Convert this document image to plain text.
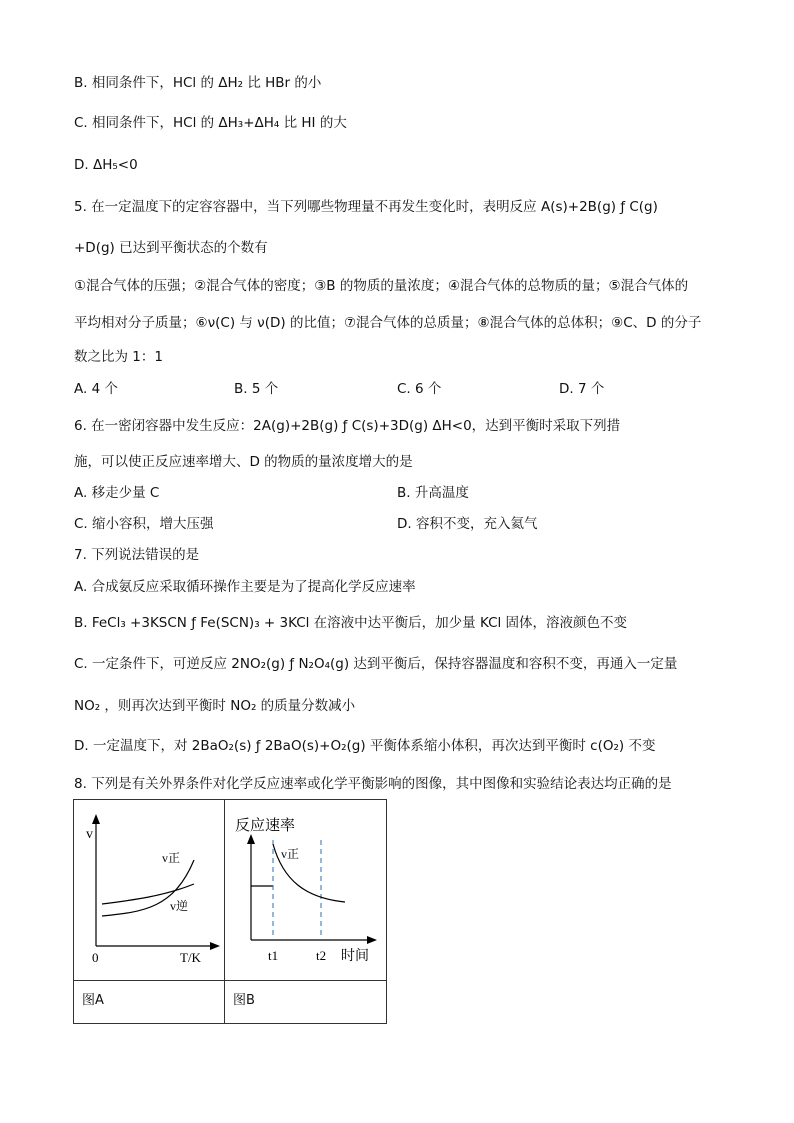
B. 相同条件下，HCl 的 ΔH₂ 比 HBr 的小
C. 相同条件下，HCl 的 ΔH₃+ΔH₄ 比 HI 的大
D. ΔH₅<0
5. 在一定温度下的定容容器中，当下列哪些物理量不再发生变化时，表明反应 A(s)+2B(g) ƒ C(g)
+D(g) 已达到平衡状态的个数有
①混合气体的压强；②混合气体的密度；③B 的物质的量浓度；④混合气体的总物质的量；⑤混合气体的
平均相对分子质量；⑥ν(C) 与 ν(D) 的比值；⑦混合气体的总质量；⑧混合气体的总体积；⑨C、D 的分子
数之比为 1：1
A. 4 个	B. 5 个	C. 6 个	D. 7 个
6. 在一密闭容器中发生反应：2A(g)+2B(g) ƒ C(s)+3D(g) ΔH<0，达到平衡时采取下列措
施，可以使正反应速率增大、D 的物质的量浓度增大的是
A. 移走少量 C	B. 升高温度
C. 缩小容积，增大压强	D. 容积不变，充入氦气
7. 下列说法错误的是
A. 合成氨反应采取循环操作主要是为了提高化学反应速率
B. FeCl₃ +3KSCN ƒ Fe(SCN)₃ + 3KCl 在溶液中达平衡后，加少量 KCl 固体，溶液颜色不变
C. 一定条件下，可逆反应 2NO₂(g) ƒ N₂O₄(g) 达到平衡后，保持容器温度和容积不变，再通入一定量
NO₂ ，则再次达到平衡时 NO₂ 的质量分数减小
D. 一定温度下，对 2BaO₂(s) ƒ 2BaO(s)+O₂(g) 平衡体系缩小体积，再次达到平衡时 c(O₂) 不变
8. 下列是有关外界条件对化学反应速率或化学平衡影响的图像，其中图像和实验结论表达均正确的是
v
0 T/K
v正
v逆	反应速率
v正
t1 t2 时间

图A	图B
